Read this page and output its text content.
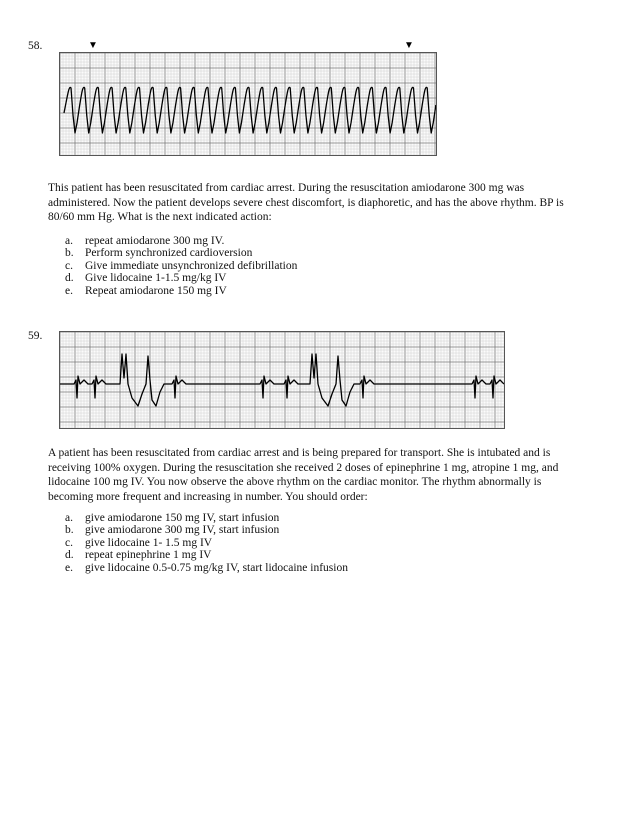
58.	▼	▼

This patient has been resuscitated from cardiac arrest. During the resuscitation amiodarone 300 mg was administered. Now the patient develops severe chest discomfort, is diaphoretic, and has the above rhythm. BP is 80/60 mm Hg. What is the next indicated action:

a.	repeat amiodarone 300 mg IV.
b. Perform synchronized cardioversion
c.	Give immediate unsynchronized defibrillation
d. Give lidocaine 1-1.5 mg/kg IV
e.	Repeat amiodarone 150 mg IV
59.

A patient has been resuscitated from cardiac arrest and is being prepared for transport. She is intubated and is receiving 100% oxygen. During the resuscitation she received 2 doses of epinephrine 1 mg, atropine 1 mg, and lidocaine 100 mg IV. You now observe the above rhythm on the cardiac monitor. The rhythm abnormally is becoming more frequent and increasing in number. You should order:

a.	give amiodarone 150 mg IV, start infusion
b. give amiodarone 300 mg IV, start infusion
c.	give lidocaine 1- 1.5 mg IV
d. repeat epinephrine 1 mg IV
e.	give lidocaine 0.5-0.75 mg/kg IV, start lidocaine infusion
